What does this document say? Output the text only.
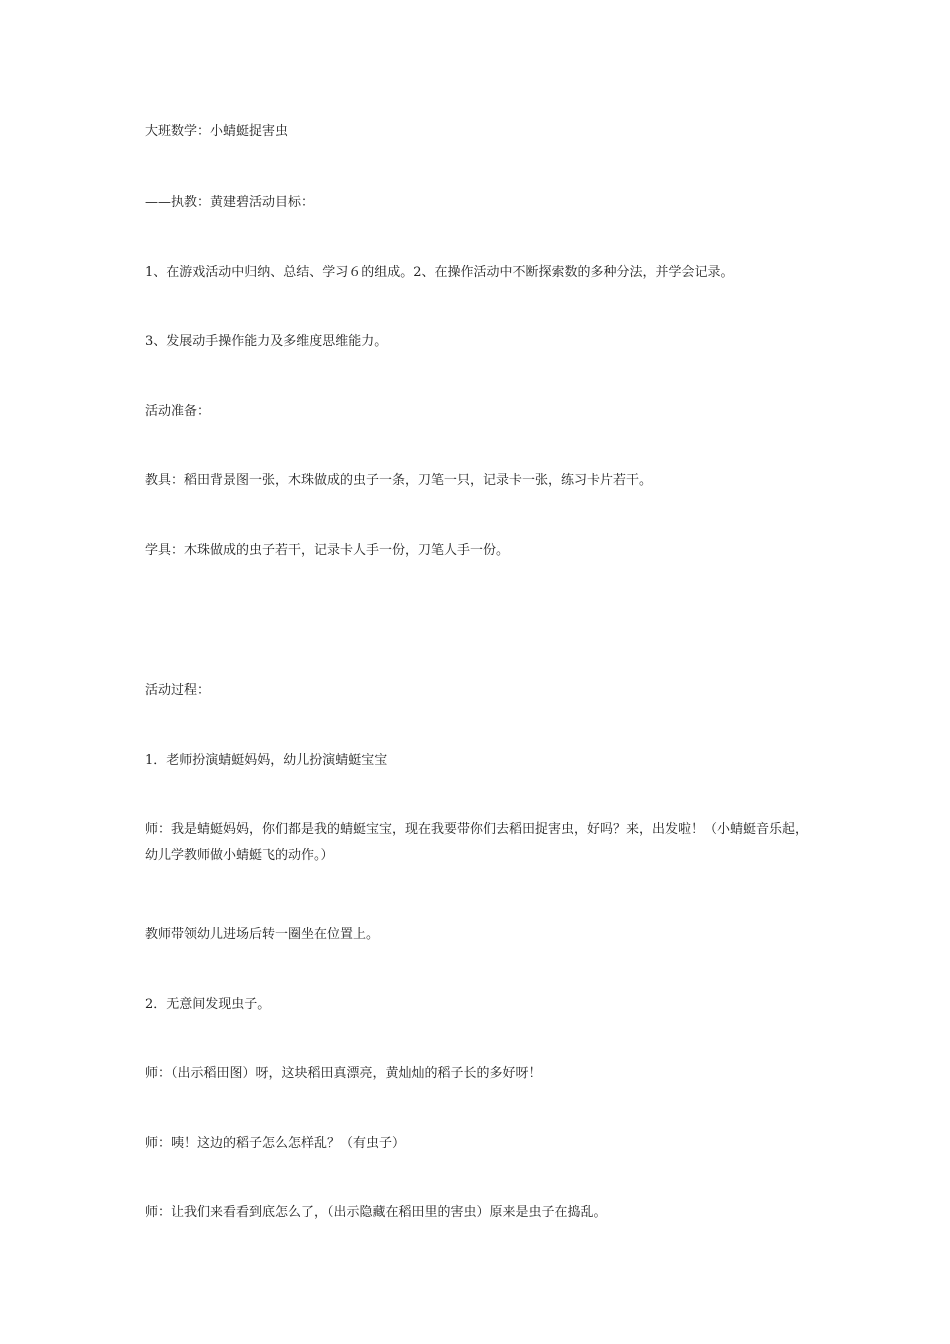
大班数学：小蜻蜓捉害虫
——执教：黄建碧活动目标：
1、在游戏活动中归纳、总结、学习６的组成。2、在操作活动中不断探索数的多种分法，并学会记录。
3、发展动手操作能力及多维度思维能力。
活动准备：
教具：稻田背景图一张，木珠做成的虫子一条，刀笔一只，记录卡一张，练习卡片若干。
学具：木珠做成的虫子若干，记录卡人手一份，刀笔人手一份。
活动过程：
1．老师扮演蜻蜓妈妈，幼儿扮演蜻蜓宝宝
师：我是蜻蜓妈妈，你们都是我的蜻蜓宝宝，现在我要带你们去稻田捉害虫，好吗？来，出发啦！（小蜻蜓音乐起，幼儿学教师做小蜻蜓飞的动作。）
教师带领幼儿进场后转一圈坐在位置上。
2．无意间发现虫子。
师：（出示稻田图）呀，这块稻田真漂亮，黄灿灿的稻子长的多好呀！
师：咦！这边的稻子怎么怎样乱？（有虫子）
师：让我们来看看到底怎么了，（出示隐藏在稻田里的害虫）原来是虫子在捣乱。
